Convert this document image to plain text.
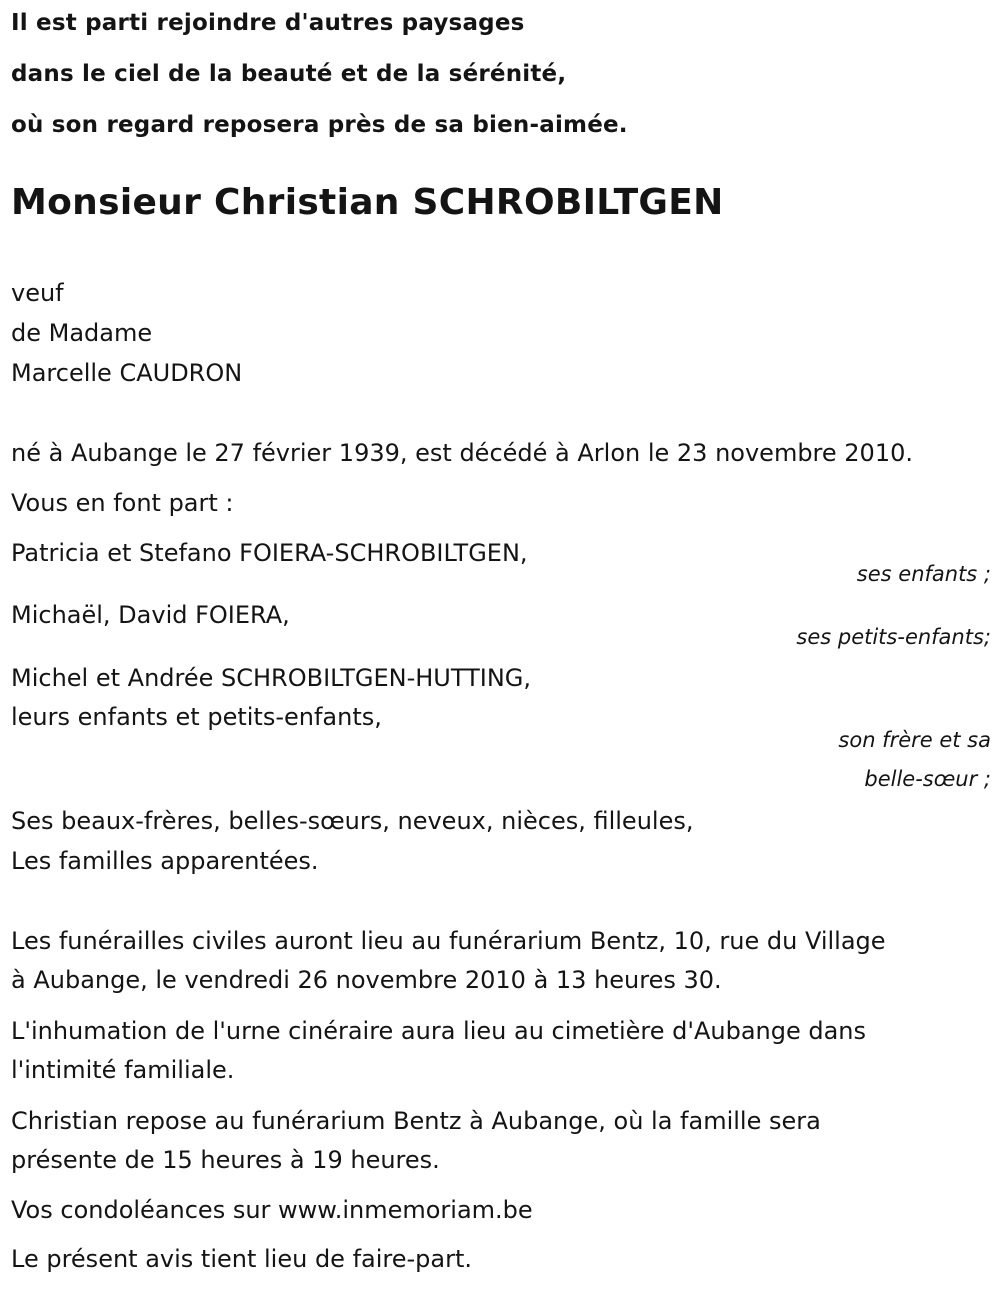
Il est parti rejoindre d'autres paysages
dans le ciel de la beauté et de la sérénité,
où son regard reposera près de sa bien-aimée.
Monsieur Christian SCHROBILTGEN
veuf
de Madame
Marcelle CAUDRON
né à Aubange le 27 février 1939, est décédé à Arlon le 23 novembre 2010.
Vous en font part :
Patricia et Stefano FOIERA-SCHROBILTGEN,
ses enfants ;
Michaël, David FOIERA,
ses petits-enfants;
Michel et Andrée SCHROBILTGEN-HUTTING,
leurs enfants et petits-enfants,
son frère et sa
belle-sœur ;
Ses beaux-frères, belles-sœurs, neveux, nièces, filleules,
Les familles apparentées.
Les funérailles civiles auront lieu au funérarium Bentz, 10, rue du Village
à Aubange, le vendredi 26 novembre 2010 à 13 heures 30.
L'inhumation de l'urne cinéraire aura lieu au cimetière d'Aubange dans
l'intimité familiale.
Christian repose au funérarium Bentz à Aubange, où la famille sera
présente de 15 heures à 19 heures.
Vos condoléances sur www.inmemoriam.be
Le présent avis tient lieu de faire-part.
